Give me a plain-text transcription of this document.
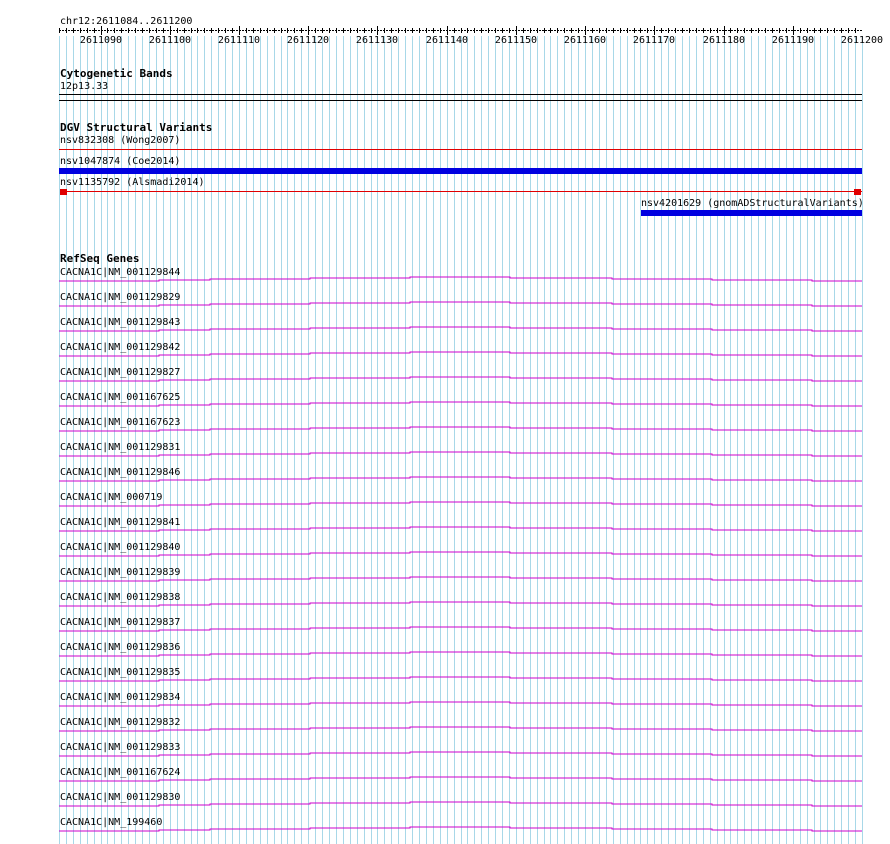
chr12:2611084..2611200
2611090	2611100	2611110	2611120	2611130	2611140	2611150	2611160	2611170	2611180	2611190	2611200
Cytogenetic Bands
12p13.33
DGV Structural Variants
nsv832308 (Wong2007)
nsv1047874 (Coe2014)
nsv1135792 (Alsmadi2014)
nsv4201629 (gnomADStructuralVariants)
RefSeq Genes
CACNA1C|NM_001129844
CACNA1C|NM_001129829
CACNA1C|NM_001129843
CACNA1C|NM_001129842
CACNA1C|NM_001129827
CACNA1C|NM_001167625
CACNA1C|NM_001167623
CACNA1C|NM_001129831
CACNA1C|NM_001129846
CACNA1C|NM_000719
CACNA1C|NM_001129841
CACNA1C|NM_001129840
CACNA1C|NM_001129839
CACNA1C|NM_001129838
CACNA1C|NM_001129837
CACNA1C|NM_001129836
CACNA1C|NM_001129835
CACNA1C|NM_001129834
CACNA1C|NM_001129832
CACNA1C|NM_001129833
CACNA1C|NM_001167624
CACNA1C|NM_001129830
CACNA1C|NM_199460
